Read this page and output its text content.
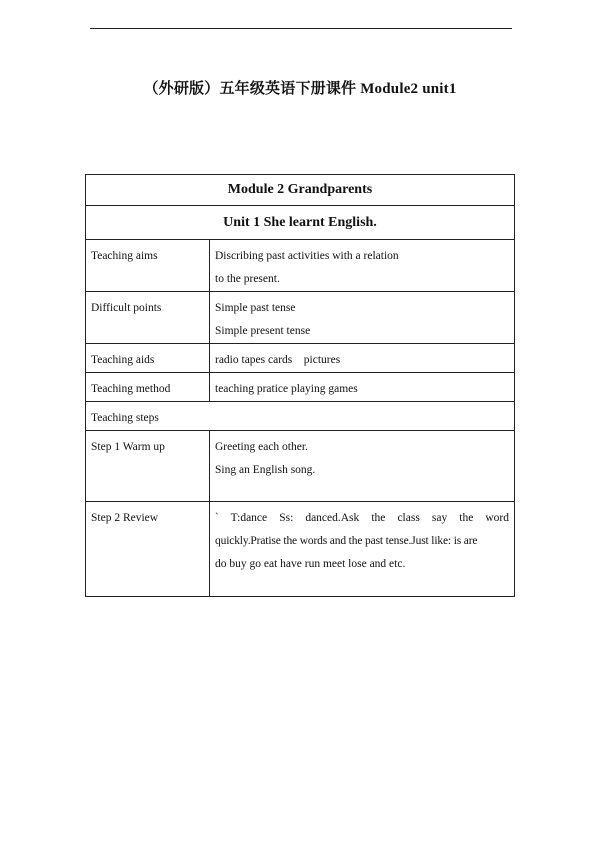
（外研版）五年级英语下册课件 Module2 unit1
Module 2 Grandparents	
Unit 1 She learnt English.	

Teaching aims	Discribing past activities with a relation
to the present.

Difficult points	Simple past tense
Simple present tense

Teaching aids	radio tapes cards    pictures

Teaching method	teaching pratice playing games

Teaching steps	

Step 1 Warm up	Greeting each other.
Sing an English song.

Step 2 Review	` T:dance Ss: danced.Ask the class say the word
quickly.Pratise the words and the past tense.Just like: is are
do buy go eat have run meet lose and etc.
